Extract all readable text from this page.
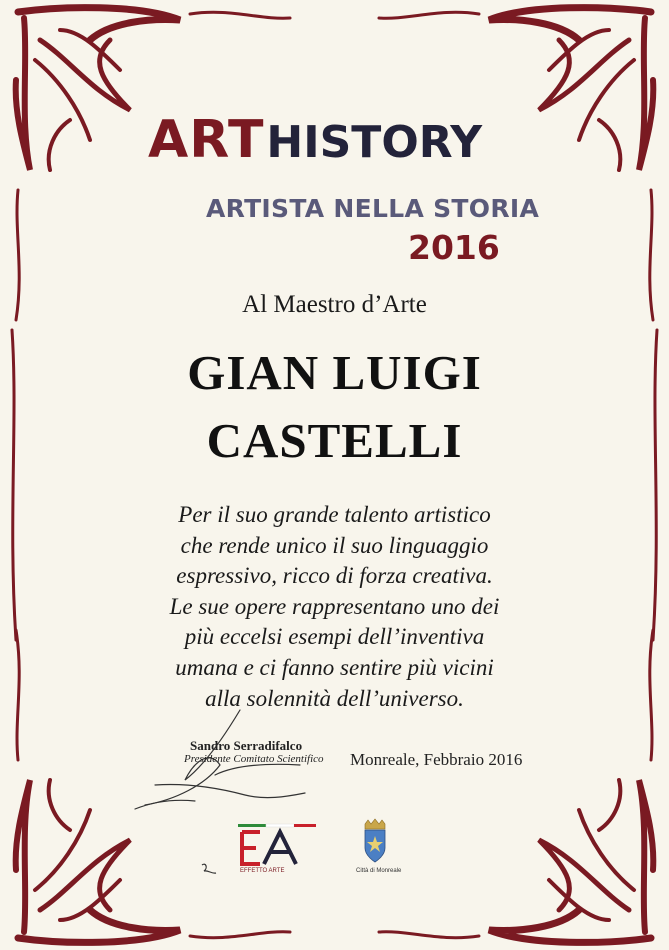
ARTHISTORY
ARTISTA NELLA STORIA
2016
Al Maestro d’Arte
GIAN LUIGI
CASTELLI
Per il suo grande talento artistico
che rende unico il suo linguaggio
espressivo, ricco di forza creativa.
Le sue opere rappresentano uno dei
più eccelsi esempi dell’inventiva
umana e ci fanno sentire più vicini
alla solennità dell’universo.
Sandro Serradifalco
Presidente Comitato Scientifico Monreale, Febbraio 2016
EFFETTO ARTE	Città di Monreale
